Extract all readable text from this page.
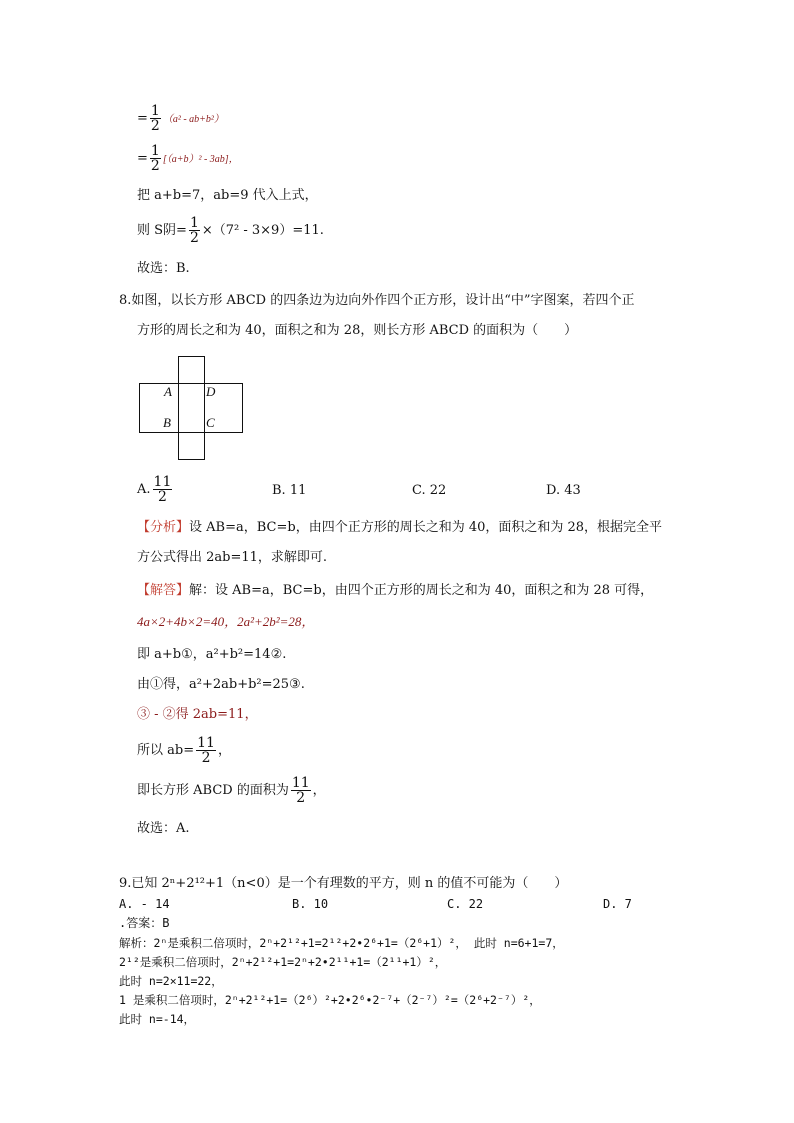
= $\frac{1}{2} (a^2 - ab+b^2)$
= $\frac{1}{2} [(a+b)^2 - 3ab]$，
把 a+b=7，ab=9 代入上式，
则 S阴= $\frac{1}{2} \times(7^2 - 3\times 9)=11$.
故选：B.
8.如图，以长方形 ABCD 的四条边为边向外作四个正方形，设计出“中”字图案，若四个正
方形的周长之和为 40，面积之和为 28，则长方形 ABCD 的面积为（　　）
A	D
B	C
A. $\frac{11}{2}$	B. 11	C. 22	D. 43
【分析】设 AB=a，BC=b，由四个正方形的周长之和为 40，面积之和为 28，根据完全平
方公式得出 2ab=11，求解即可.
【解答】解：设 AB=a，BC=b，由四个正方形的周长之和为 40，面积之和为 28 可得，
4a×2+4b×2=40，2a²+2b²=28，
即 a+b①，a²+b²=14②.
由①得，a²+2ab+b²=25③.
③ - ②得 2ab=11，
所以 $ab= \frac{11}{2}$ ，
即长方形 ABCD 的面积为 $\frac{11}{2}$ ，
故选：A.
9.已知 2ⁿ+2¹²+1（n<0）是一个有理数的平方，则 n 的值不可能为（　　）
A. - 14	B. 10	C. 22	D. 7
.答案：B
解析：2ⁿ是乘积二倍项时，2ⁿ+2¹²+1=2¹²+2•2⁶+1=（2⁶+1）²， 此时 n=6+1=7，
2¹²是乘积二倍项时，2ⁿ+2¹²+1=2ⁿ+2•2¹¹+1=（2¹¹+1）²，
此时 n=2×11=22，
1 是乘积二倍项时，2ⁿ+2¹²+1=（2⁶）²+2•2⁶•2⁻⁷+（2⁻⁷）²=（2⁶+2⁻⁷）²，
此时 n=-14，
